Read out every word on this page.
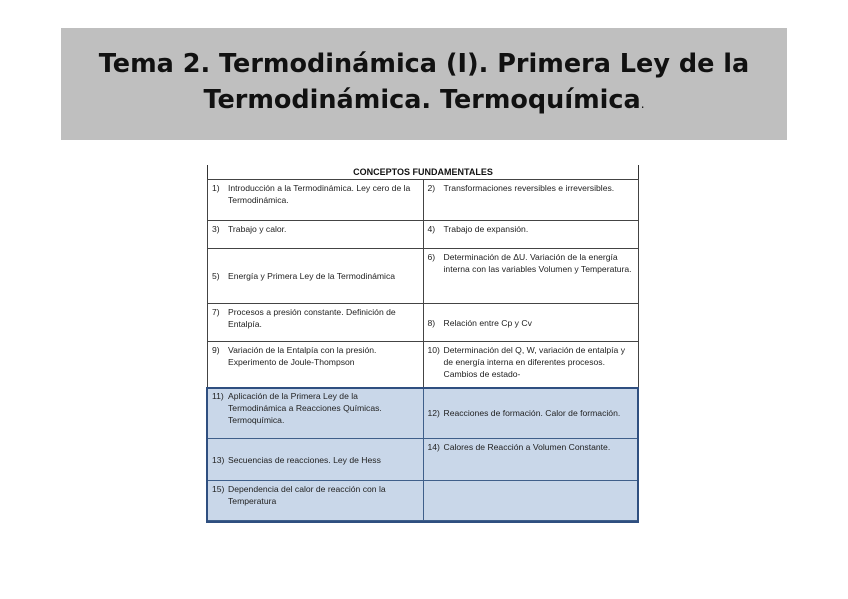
Tema 2. Termodinámica (I). Primera Ley de la
Termodinámica. Termoquímica.
CONCEPTOS FUNDAMENTALES
1) Introducción a la Termodinámica. Ley cero de la Termodinámica.	2) Transformaciones reversibles e irreversibles.
3) Trabajo y calor.	4) Trabajo de expansión.
5) Energía y Primera Ley de la Termodinámica	6) Determinación de ΔU. Variación de la energía interna con las variables Volumen y Temperatura.
7) Procesos a presión constante. Definición de Entalpía.	8) Relación entre Cp y Cv
9) Variación de la Entalpía con la presión. Experimento de Joule-Thompson	10) Determinación del Q, W, variación de entalpía y de energía interna en diferentes procesos. Cambios de estado-
11) Aplicación de la Primera Ley de la Termodinámica a Reacciones Químicas. Termoquímica.	12) Reacciones de formación. Calor de formación.
13) Secuencias de reacciones. Ley de Hess	14) Calores de Reacción a Volumen Constante.
15) Dependencia del calor de reacción con la Temperatura	
